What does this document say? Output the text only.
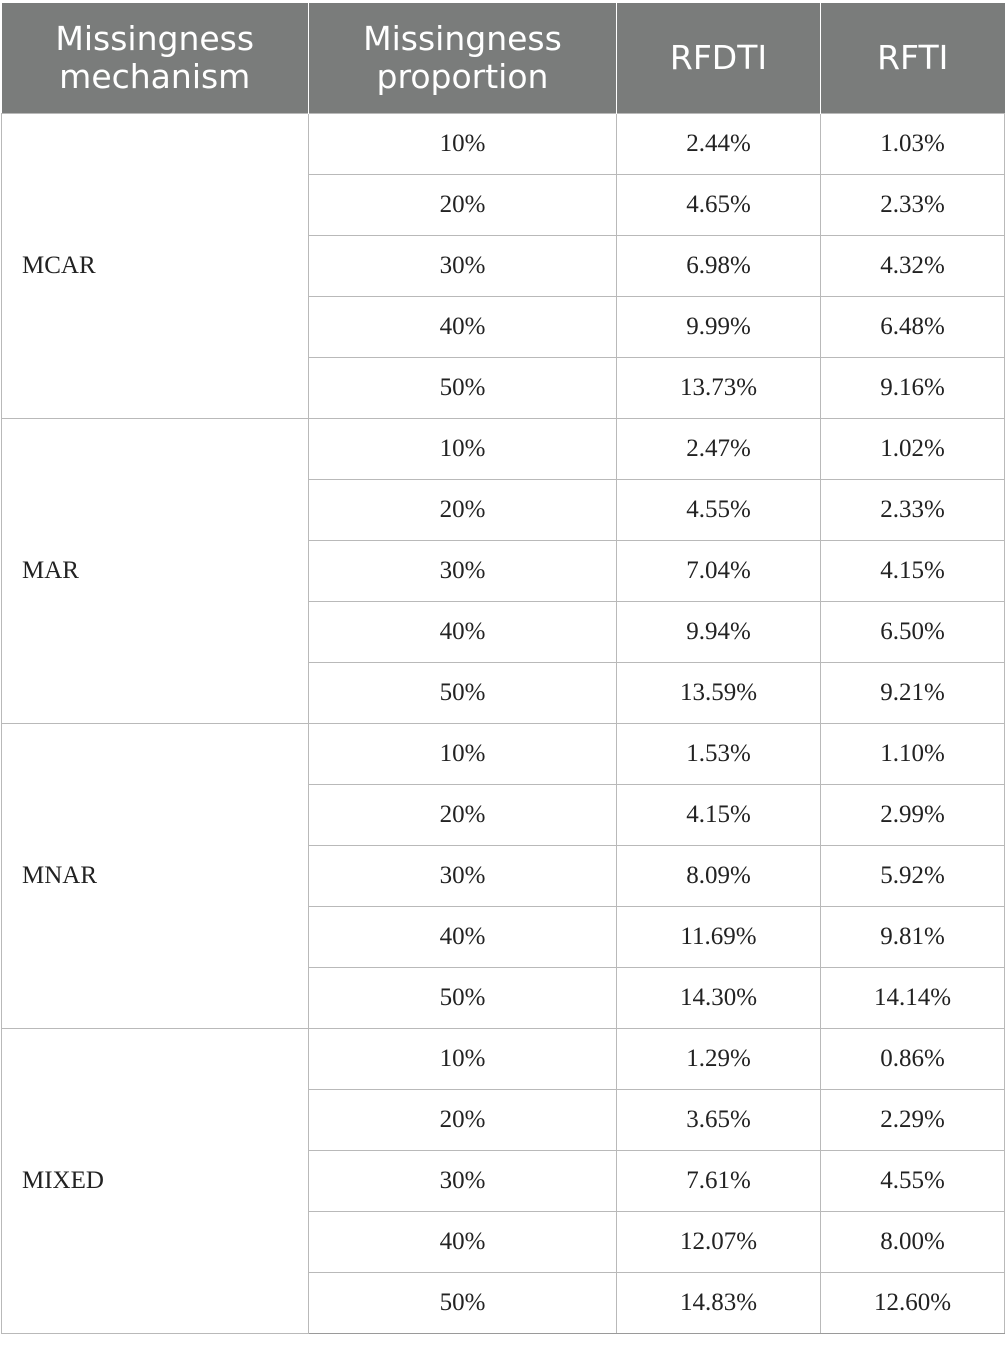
Missingness mechanism	Missingness proportion	RFDTI	RFTI
MCAR	10%	2.44%	1.03%
	20%	4.65%	2.33%
	30%	6.98%	4.32%
	40%	9.99%	6.48%
	50%	13.73%	9.16%
MAR	10%	2.47%	1.02%
	20%	4.55%	2.33%
	30%	7.04%	4.15%
	40%	9.94%	6.50%
	50%	13.59%	9.21%
MNAR	10%	1.53%	1.10%
	20%	4.15%	2.99%
	30%	8.09%	5.92%
	40%	11.69%	9.81%
	50%	14.30%	14.14%
MIXED	10%	1.29%	0.86%
	20%	3.65%	2.29%
	30%	7.61%	4.55%
	40%	12.07%	8.00%
	50%	14.83%	12.60%
